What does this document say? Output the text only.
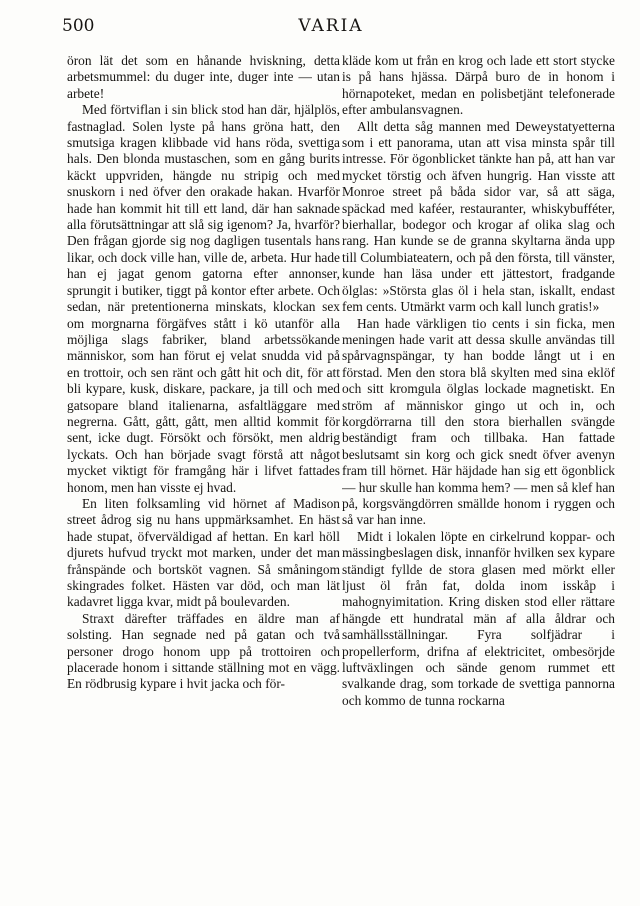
500	VARIA

öron lät det som en hånande hviskning, detta arbetsmummel: du duger inte, duger inte — utan arbete!

Med förtviflan i sin blick stod han där, hjälplös, fastnaglad. Solen lyste på hans gröna hatt, den smutsiga kragen klibbade vid hans röda, svettiga hals. Den blonda mustaschen, som en gång burits käckt uppvriden, hängde nu stripig och med snuskorn i ned öfver den orakade hakan. Hvarför hade han kommit hit till ett land, där han saknade alla förutsättningar att slå sig igenom? Ja, hvarför? Den frågan gjorde sig nog dagligen tusentals hans likar, och dock ville han, ville de, arbeta. Hur hade han ej jagat genom gatorna efter annonser, sprungit i butiker, tiggt på kontor efter arbete. Och sedan, när pretentionerna minskats, klockan sex om morgnarna förgäfves stått i kö utanför alla möjliga slags fabriker, bland arbetssökande människor, som han förut ej velat snudda vid på en trottoir, och sen ränt och gått hit och dit, för att bli kypare, kusk, diskare, packare, ja till och med gatsopare bland italienarna, asfaltläggare med negrerna. Gått, gått, gått, men alltid kommit för sent, icke dugt. Försökt och försökt, men aldrig lyckats. Och han började svagt förstå att något mycket viktigt för framgång här i lifvet fattades honom, men han visste ej hvad.

En liten folksamling vid hörnet af Madison street ådrog sig nu hans uppmärksamhet. En häst hade stupat, öfverväldigad af hettan. En karl höll djurets hufvud tryckt mot marken, under det man frånspände och bortsköt vagnen. Så småningom skingrades folket. Hästen var död, och man lät kadavret ligga kvar, midt på boulevarden.

Straxt därefter träffades en äldre man af solsting. Han segnade ned på gatan och två personer drogo honom upp på trottoiren och placerade honom i sittande ställning mot en vägg. En rödbrusig kypare i hvit jacka och för-

kläde kom ut från en krog och lade ett stort stycke is på hans hjässa. Därpå buro de in honom i hörnapoteket, medan en polisbetjänt telefonerade efter ambulansvagnen.

Allt detta såg mannen med Deweystatyetterna som i ett panorama, utan att visa minsta spår till intresse. För ögonblicket tänkte han på, att han var mycket törstig och äfven hungrig. Han visste att Monroe street på båda sidor var, så att säga, späckad med kaféer, restauranter, whiskybufféter, bierhallar, bodegor och krogar af olika slag och rang. Han kunde se de granna skyltarna ända upp till Columbiateatern, och på den första, till vänster, kunde han läsa under ett jättestort, fradgande ölglas: »Största glas öl i hela stan, iskallt, endast fem cents. Utmärkt varm och kall lunch gratis!»

Han hade värkligen tio cents i sin ficka, men meningen hade varit att dessa skulle användas till spårvagnspängar, ty han bodde långt ut i en förstad. Men den stora blå skylten med sina eklöf och sitt kromgula ölglas lockade magnetiskt. En ström af människor gingo ut och in, och korgdörrarna till den stora bierhallen svängde beständigt fram och tillbaka. Han fattade beslutsamt sin korg och gick snedt öfver avenyn fram till hörnet. Här häjdade han sig ett ögonblick — hur skulle han komma hem? — men så klef han på, korgsvängdörren smällde honom i ryggen och så var han inne.

Midt i lokalen löpte en cirkelrund koppar- och mässingbeslagen disk, innanför hvilken sex kypare ständigt fyllde de stora glasen med mörkt eller ljust öl från fat, dolda inom isskåp i mahognyimitation. Kring disken stod eller rättare hängde ett hundratal män af alla åldrar och samhällsställningar. Fyra solfjädrar i propellerform, drifna af elektricitet, ombesörjde luftväxlingen och sände genom rummet ett svalkande drag, som torkade de svettiga pannorna och kommo de tunna rockarna
